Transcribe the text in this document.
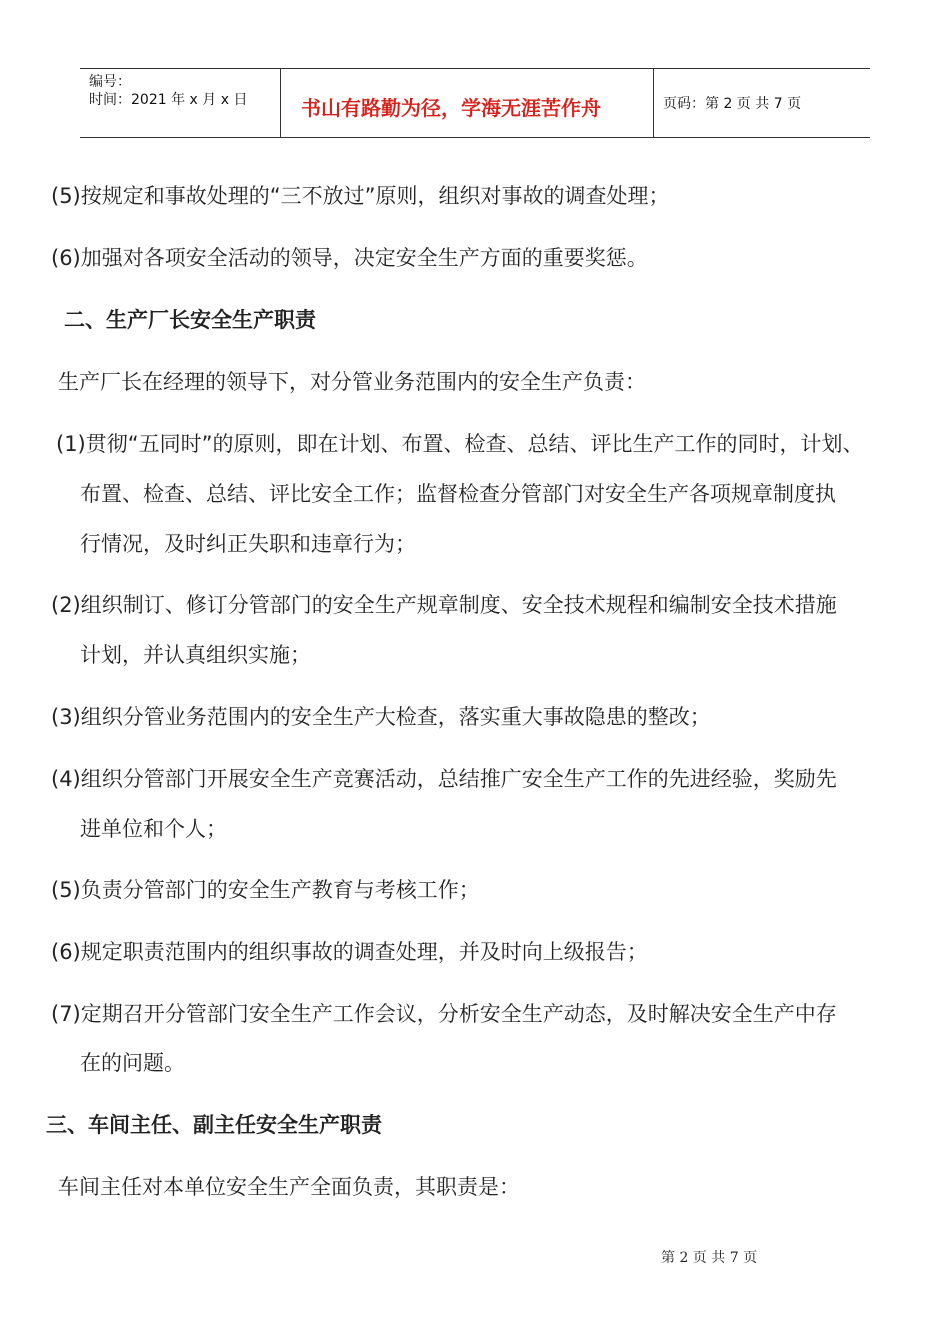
编号：
时间：2021 年 x 月 x 日	书山有路勤为径，学海无涯苦作舟	页码：第 2 页 共 7 页
(5)按规定和事故处理的“三不放过”原则，组织对事故的调查处理；
(6)加强对各项安全活动的领导，决定安全生产方面的重要奖惩。
二、生产厂长安全生产职责
生产厂长在经理的领导下，对分管业务范围内的安全生产负责：
(1)贯彻“五同时”的原则，即在计划、布置、检查、总结、评比生产工作的同时，计划、
布置、检查、总结、评比安全工作；监督检查分管部门对安全生产各项规章制度执
行情况，及时纠正失职和违章行为；
(2)组织制订、修订分管部门的安全生产规章制度、安全技术规程和编制安全技术措施
计划，并认真组织实施；
(3)组织分管业务范围内的安全生产大检查，落实重大事故隐患的整改；
(4)组织分管部门开展安全生产竞赛活动，总结推广安全生产工作的先进经验，奖励先
进单位和个人；
(5)负责分管部门的安全生产教育与考核工作；
(6)规定职责范围内的组织事故的调查处理，并及时向上级报告；
(7)定期召开分管部门安全生产工作会议，分析安全生产动态，及时解决安全生产中存
在的问题。
三、车间主任、副主任安全生产职责
车间主任对本单位安全生产全面负责，其职责是：
第 2 页 共 7 页
